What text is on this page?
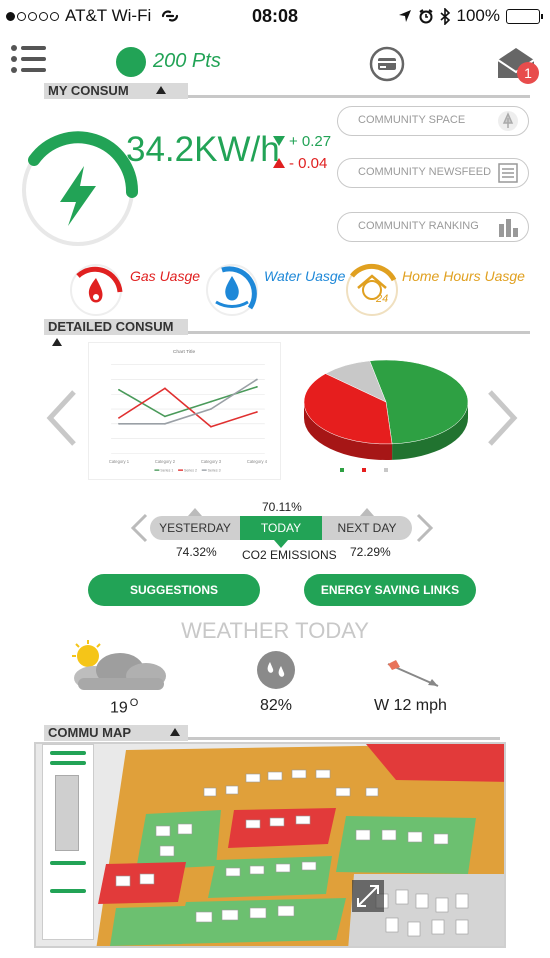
AT&T Wi-Fi	08:08	100%
200 Pts
1
MY CONSUM
34.2KW/h + 0.27
- 0.04
COMMUNITY SPACE
COMMUNITY NEWSFEED
COMMUNITY RANKING
Gas Uasge	Water Uasge
24
Home Hours Uasge
DETAILED CONSUM
Chart Title
Category 1	Category 2	Category 3	Category 4
Series 1	Series 2	Series 3
YESTERDAY	TODAY	NEXT DAY
70.11%
74.32% CO2 EMISSIONS 72.29%
SUGGESTIONS	ENERGY SAVING LINKS
WEATHER TODAY
19 $^O$	82%	W 12 mph
COMMU MAP
